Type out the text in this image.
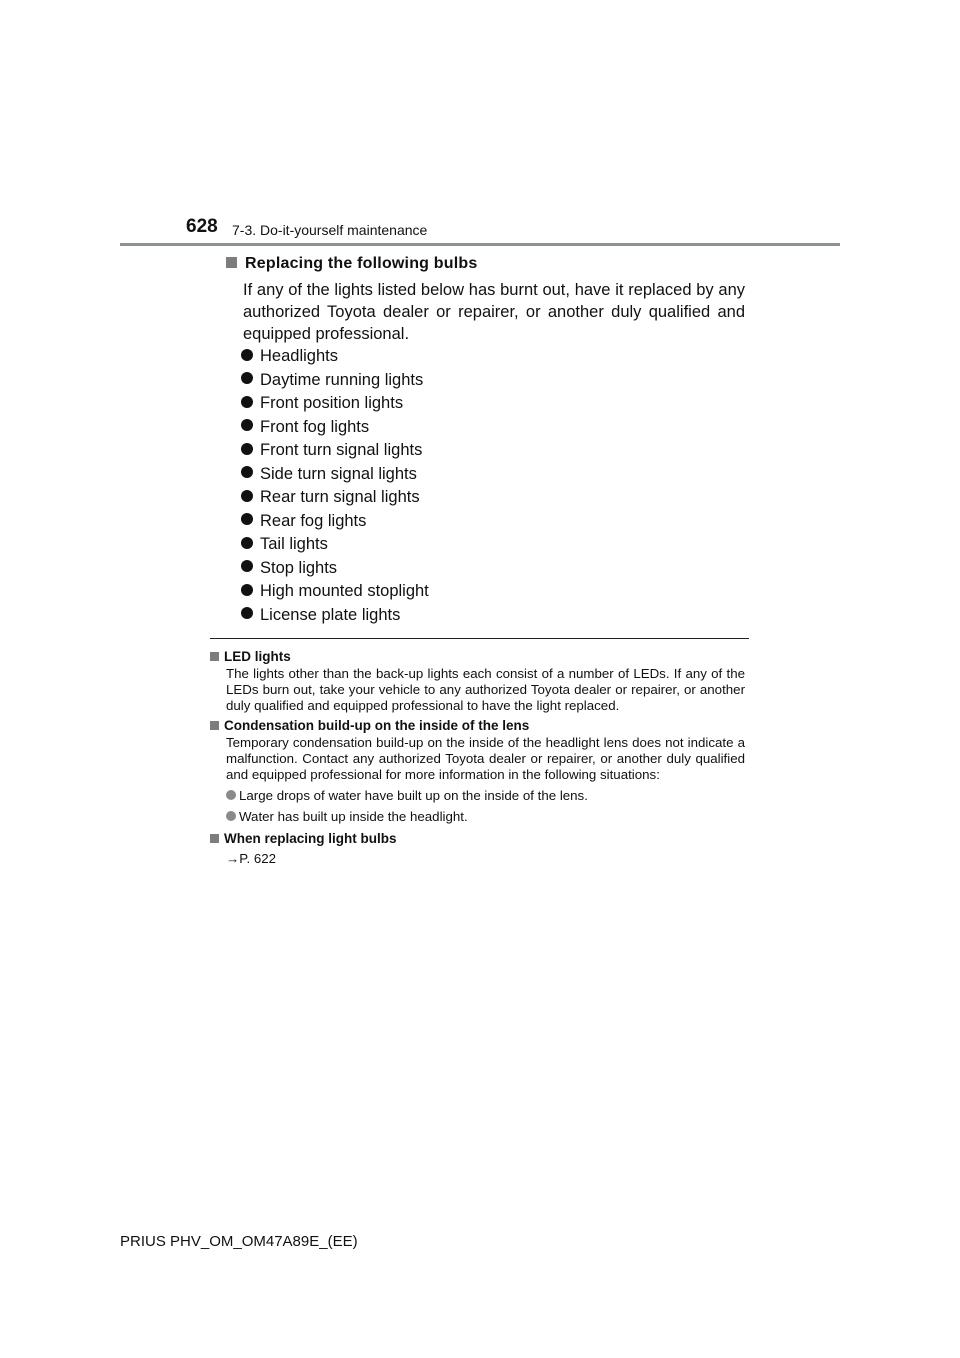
628 7-3. Do-it-yourself maintenance
Replacing the following bulbs
If any of the lights listed below has burnt out, have it replaced by any authorized Toyota dealer or repairer, or another duly qualified and equipped professional.
Headlights
Daytime running lights
Front position lights
Front fog lights
Front turn signal lights
Side turn signal lights
Rear turn signal lights
Rear fog lights
Tail lights
Stop lights
High mounted stoplight
License plate lights

LED lights

The lights other than the back-up lights each consist of a number of LEDs. If any of the LEDs burn out, take your vehicle to any authorized Toyota dealer or repairer, or another duly qualified and equipped professional to have the light replaced.

Condensation build-up on the inside of the lens

Temporary condensation build-up on the inside of the headlight lens does not indicate a malfunction. Contact any authorized Toyota dealer or repairer, or another duly qualified and equipped professional for more information in the following situations:

Large drops of water have built up on the inside of the lens.

Water has built up inside the headlight.

When replacing light bulbs

→P. 622

PRIUS PHV_OM_OM47A89E_(EE)
